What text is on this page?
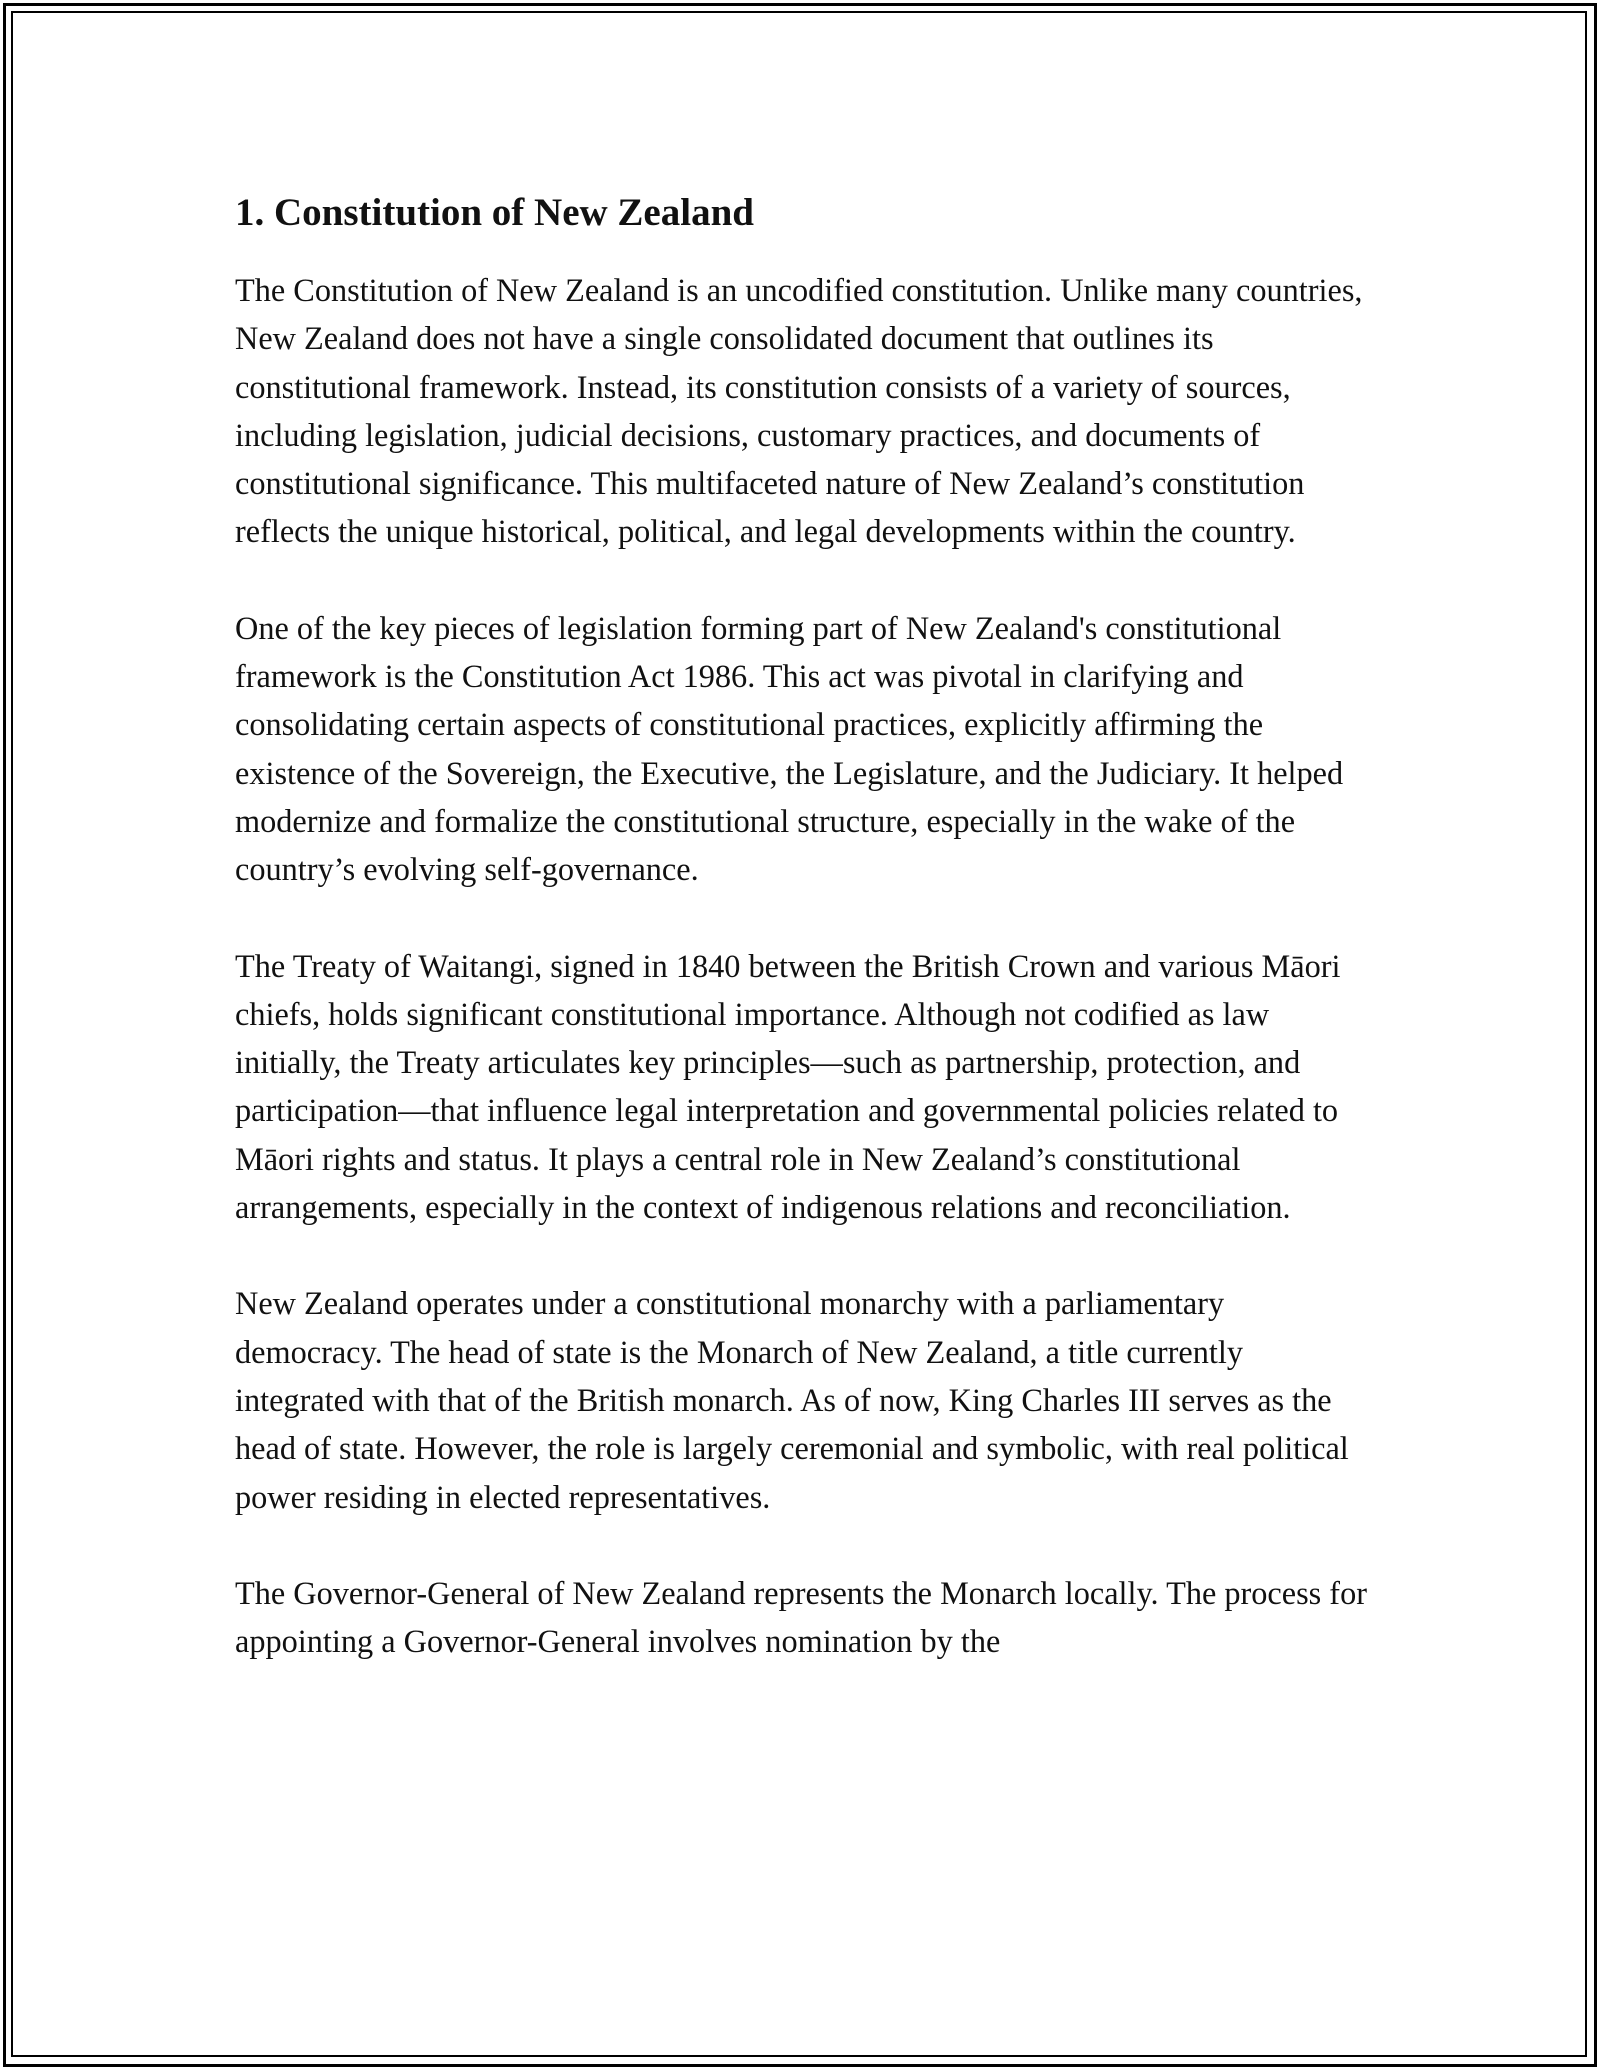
1. Constitution of New Zealand

The Constitution of New Zealand is an uncodified constitution. Unlike many countries, New Zealand does not have a single consolidated document that outlines its constitutional framework. Instead, its constitution consists of a variety of sources, including legislation, judicial decisions, customary practices, and documents of constitutional significance. This multifaceted nature of New Zealand’s constitution reflects the unique historical, political, and legal developments within the country.

One of the key pieces of legislation forming part of New Zealand's constitutional framework is the Constitution Act 1986. This act was pivotal in clarifying and consolidating certain aspects of constitutional practices, explicitly affirming the existence of the Sovereign, the Executive, the Legislature, and the Judiciary. It helped modernize and formalize the constitutional structure, especially in the wake of the country’s evolving self-governance.

The Treaty of Waitangi, signed in 1840 between the British Crown and various Māori chiefs, holds significant constitutional importance. Although not codified as law initially, the Treaty articulates key principles—such as partnership, protection, and participation—that influence legal interpretation and governmental policies related to Māori rights and status. It plays a central role in New Zealand’s constitutional arrangements, especially in the context of indigenous relations and reconciliation.

New Zealand operates under a constitutional monarchy with a parliamentary democracy. The head of state is the Monarch of New Zealand, a title currently integrated with that of the British monarch. As of now, King Charles III serves as the head of state. However, the role is largely ceremonial and symbolic, with real political power residing in elected representatives.

The Governor-General of New Zealand represents the Monarch locally. The process for appointing a Governor-General involves nomination by the
